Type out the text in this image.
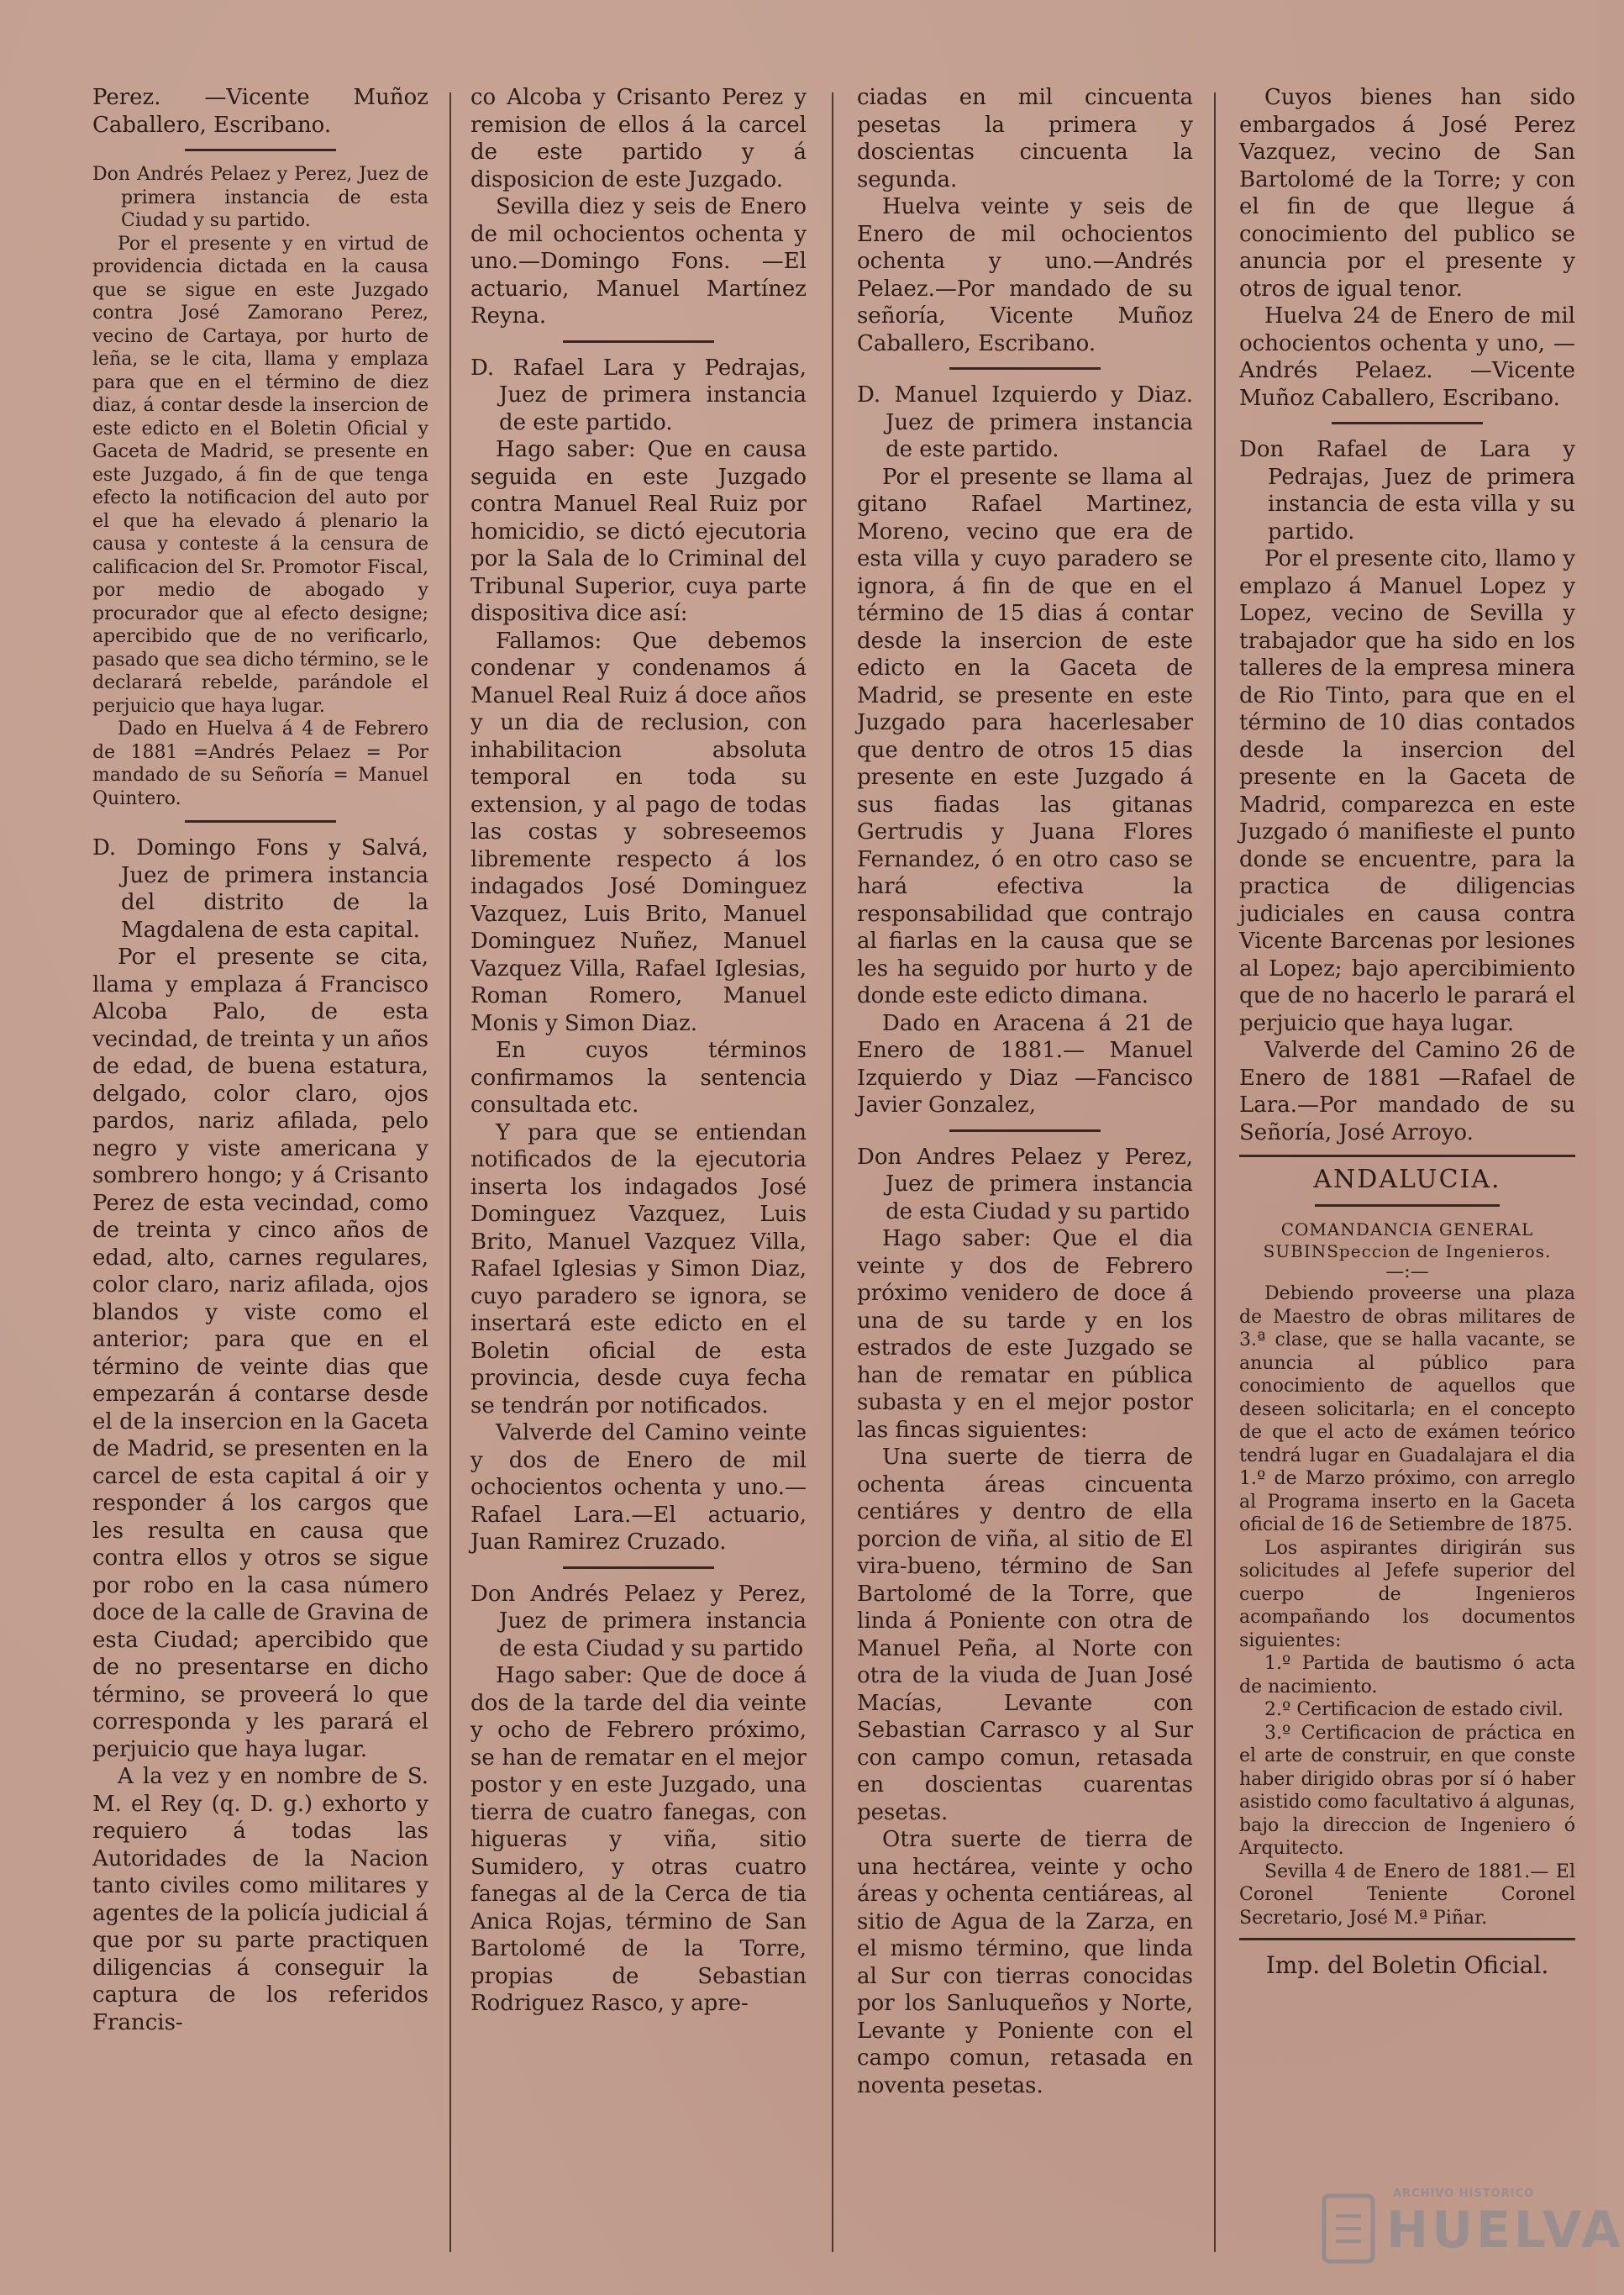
Perez. —Vicente Muñoz Caballero, Escribano.

Don Andrés Pelaez y Perez, Juez de primera instancia de esta Ciudad y su partido.

Por el presente y en virtud de providencia dictada en la causa que se sigue en este Juzgado contra José Zamorano Perez, vecino de Cartaya, por hurto de leña, se le cita, llama y emplaza para que en el término de diez diaz, á contar desde la insercion de este edicto en el Boletin Oficial y Gaceta de Madrid, se presente en este Juzgado, á fin de que tenga efecto la notificacion del auto por el que ha elevado á plenario la causa y conteste á la censura de calificacion del Sr. Promotor Fiscal, por medio de abogado y procurador que al efecto designe; apercibido que de no verificarlo, pasado que sea dicho término, se le declarará rebelde, parándole el perjuicio que haya lugar.

Dado en Huelva á 4 de Febrero de 1881 =Andrés Pelaez = Por mandado de su Señoría = Manuel Quintero.

D. Domingo Fons y Salvá, Juez de primera instancia del distrito de la Magdalena de esta capital.

Por el presente se cita, llama y emplaza á Francisco Alcoba Palo, de esta vecindad, de treinta y un años de edad, de buena estatura, delgado, color claro, ojos pardos, nariz afilada, pelo negro y viste americana y sombrero hongo; y á Crisanto Perez de esta vecindad, como de treinta y cinco años de edad, alto, carnes regulares, color claro, nariz afilada, ojos blandos y viste como el anterior; para que en el término de veinte dias que empezarán á contarse desde el de la insercion en la Gaceta de Madrid, se presenten en la carcel de esta capital á oir y responder á los cargos que les resulta en causa que contra ellos y otros se sigue por robo en la casa número doce de la calle de Gravina de esta Ciudad; apercibido que de no presentarse en dicho término, se proveerá lo que corresponda y les parará el perjuicio que haya lugar.

A la vez y en nombre de S. M. el Rey (q. D. g.) exhorto y requiero á todas las Autoridades de la Nacion tanto civiles como militares y agentes de la policía judicial á que por su parte practiquen diligencias á conseguir la captura de los referidos Francis-

co Alcoba y Crisanto Perez y remision de ellos á la carcel de este partido y á disposicion de este Juzgado.

Sevilla diez y seis de Enero de mil ochocientos ochenta y uno.—Domingo Fons. —El actuario, Manuel Martínez Reyna.

D. Rafael Lara y Pedrajas, Juez de primera instancia de este partido.

Hago saber: Que en causa seguida en este Juzgado contra Manuel Real Ruiz por homicidio, se dictó ejecutoria por la Sala de lo Criminal del Tribunal Superior, cuya parte dispositiva dice así:

Fallamos: Que debemos condenar y condenamos á Manuel Real Ruiz á doce años y un dia de reclusion, con inhabilitacion absoluta temporal en toda su extension, y al pago de todas las costas y sobreseemos libremente respecto á los indagados José Dominguez Vazquez, Luis Brito, Manuel Dominguez Nuñez, Manuel Vazquez Villa, Rafael Iglesias, Roman Romero, Manuel Monis y Simon Diaz.

En cuyos términos confirmamos la sentencia consultada etc.

Y para que se entiendan notificados de la ejecutoria inserta los indagados José Dominguez Vazquez, Luis Brito, Manuel Vazquez Villa, Rafael Iglesias y Simon Diaz, cuyo paradero se ignora, se insertará este edicto en el Boletin oficial de esta provincia, desde cuya fecha se tendrán por notificados.

Valverde del Camino veinte y dos de Enero de mil ochocientos ochenta y uno.— Rafael Lara.—El actuario, Juan Ramirez Cruzado.

Don Andrés Pelaez y Perez, Juez de primera instancia de esta Ciudad y su partido

Hago saber: Que de doce á dos de la tarde del dia veinte y ocho de Febrero próximo, se han de rematar en el mejor postor y en este Juzgado, una tierra de cuatro fanegas, con higueras y viña, sitio Sumidero, y otras cuatro fanegas al de la Cerca de tia Anica Rojas, término de San Bartolomé de la Torre, propias de Sebastian Rodriguez Rasco, y apre-

ciadas en mil cincuenta pesetas la primera y doscientas cincuenta la segunda.

Huelva veinte y seis de Enero de mil ochocientos ochenta y uno.—Andrés Pelaez.—Por mandado de su señoría, Vicente Muñoz Caballero, Escribano.

D. Manuel Izquierdo y Diaz. Juez de primera instancia de este partido.

Por el presente se llama al gitano Rafael Martinez, Moreno, vecino que era de esta villa y cuyo paradero se ignora, á fin de que en el término de 15 dias á contar desde la insercion de este edicto en la Gaceta de Madrid, se presente en este Juzgado para hacerlesaber que dentro de otros 15 dias presente en este Juzgado á sus fiadas las gitanas Gertrudis y Juana Flores Fernandez, ó en otro caso se hará efectiva la responsabilidad que contrajo al fiarlas en la causa que se les ha seguido por hurto y de donde este edicto dimana.

Dado en Aracena á 21 de Enero de 1881.— Manuel Izquierdo y Diaz —Fancisco Javier Gonzalez,

Don Andres Pelaez y Perez, Juez de primera instancia de esta Ciudad y su partido

Hago saber: Que el dia veinte y dos de Febrero próximo venidero de doce á una de su tarde y en los estrados de este Juzgado se han de rematar en pública subasta y en el mejor postor las fincas siguientes:

Una suerte de tierra de ochenta áreas cincuenta centiáres y dentro de ella porcion de viña, al sitio de El vira-bueno, término de San Bartolomé de la Torre, que linda á Poniente con otra de Manuel Peña, al Norte con otra de la viuda de Juan José Macías, Levante con Sebastian Carrasco y al Sur con campo comun, retasada en doscientas cuarentas pesetas.

Otra suerte de tierra de una hectárea, veinte y ocho áreas y ochenta centiáreas, al sitio de Agua de la Zarza, en el mismo término, que linda al Sur con tierras conocidas por los Sanluqueños y Norte, Levante y Poniente con el campo comun, retasada en noventa pesetas.

Cuyos bienes han sido embargados á José Perez Vazquez, vecino de San Bartolomé de la Torre; y con el fin de que llegue á conocimiento del publico se anuncia por el presente y otros de igual tenor.

Huelva 24 de Enero de mil ochocientos ochenta y uno, —Andrés Pelaez. —Vicente Muñoz Caballero, Escribano.

Don Rafael de Lara y Pedrajas, Juez de primera instancia de esta villa y su partido.

Por el presente cito, llamo y emplazo á Manuel Lopez y Lopez, vecino de Sevilla y trabajador que ha sido en los talleres de la empresa minera de Rio Tinto, para que en el término de 10 dias contados desde la insercion del presente en la Gaceta de Madrid, comparezca en este Juzgado ó manifieste el punto donde se encuentre, para la practica de diligencias judiciales en causa contra Vicente Barcenas por lesiones al Lopez; bajo apercibimiento que de no hacerlo le parará el perjuicio que haya lugar.

Valverde del Camino 26 de Enero de 1881 —Rafael de Lara.—Por mandado de su Señoría, José Arroyo.

ANDALUCIA.

COMANDANCIA GENERAL SUBINSpeccion de Ingenieros.

—:—

Debiendo proveerse una plaza de Maestro de obras militares de 3.ª clase, que se halla vacante, se anuncia al público para conocimiento de aquellos que deseen solicitarla; en el concepto de que el acto de exámen teórico tendrá lugar en Guadalajara el dia 1.º de Marzo próximo, con arreglo al Programa inserto en la Gaceta oficial de 16 de Setiembre de 1875.

Los aspirantes dirigirán sus solicitudes al Jefefe superior del cuerpo de Ingenieros acompañando los documentos siguientes:

1.º Partida de bautismo ó acta de nacimiento.

2.º Certificacion de estado civil.

3.º Certificacion de práctica en el arte de construir, en que conste haber dirigido obras por sí ó haber asistido como facultativo á algunas, bajo la direccion de Ingeniero ó Arquitecto.

Sevilla 4 de Enero de 1881.— El Coronel Teniente Coronel Secretario, José M.ª Piñar.

Imp. del Boletin Oficial.

ARCHIVO HISTÓRICO
HUELVA
